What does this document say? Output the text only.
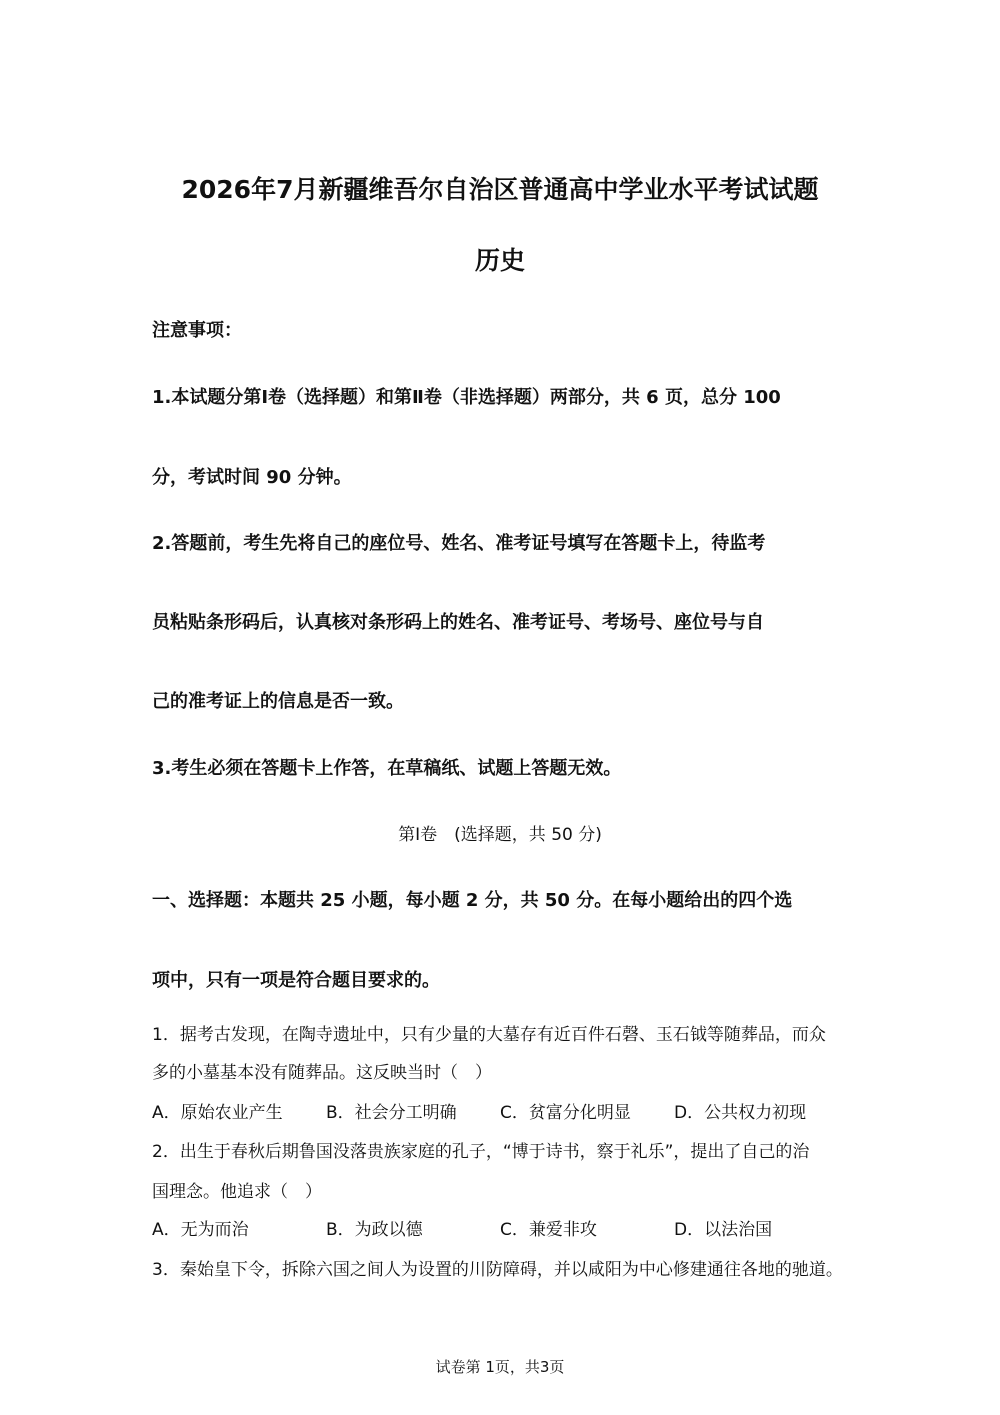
2026年7月新疆维吾尔自治区普通高中学业水平考试试题
历史
注意事项：
1.本试题分第Ⅰ卷（选择题）和第Ⅱ卷（非选择题）两部分，共 6 页，总分 100
分，考试时间 90 分钟。
2.答题前，考生先将自己的座位号、姓名、准考证号填写在答题卡上，待监考
员粘贴条形码后，认真核对条形码上的姓名、准考证号、考场号、座位号与自
己的准考证上的信息是否一致。
3.考生必须在答题卡上作答，在草稿纸、试题上答题无效。
第Ⅰ卷　(选择题，共 50 分)
一、选择题：本题共 25 小题，每小题 2 分，共 50 分。在每小题给出的四个选
项中，只有一项是符合题目要求的。
1．据考古发现，在陶寺遗址中，只有少量的大墓存有近百件石磬、玉石钺等随葬品，而众
多的小墓基本没有随葬品。这反映当时（　）
A．原始农业产生	B．社会分工明确	C．贫富分化明显	D．公共权力初现
2．出生于春秋后期鲁国没落贵族家庭的孔子，“博于诗书，察于礼乐”，提出了自己的治
国理念。他追求（　）
A．无为而治	B．为政以德	C．兼爱非攻	D．以法治国
3．秦始皇下令，拆除六国之间人为设置的川防障碍，并以咸阳为中心修建通往各地的驰道。
试卷第 1页，共3页
